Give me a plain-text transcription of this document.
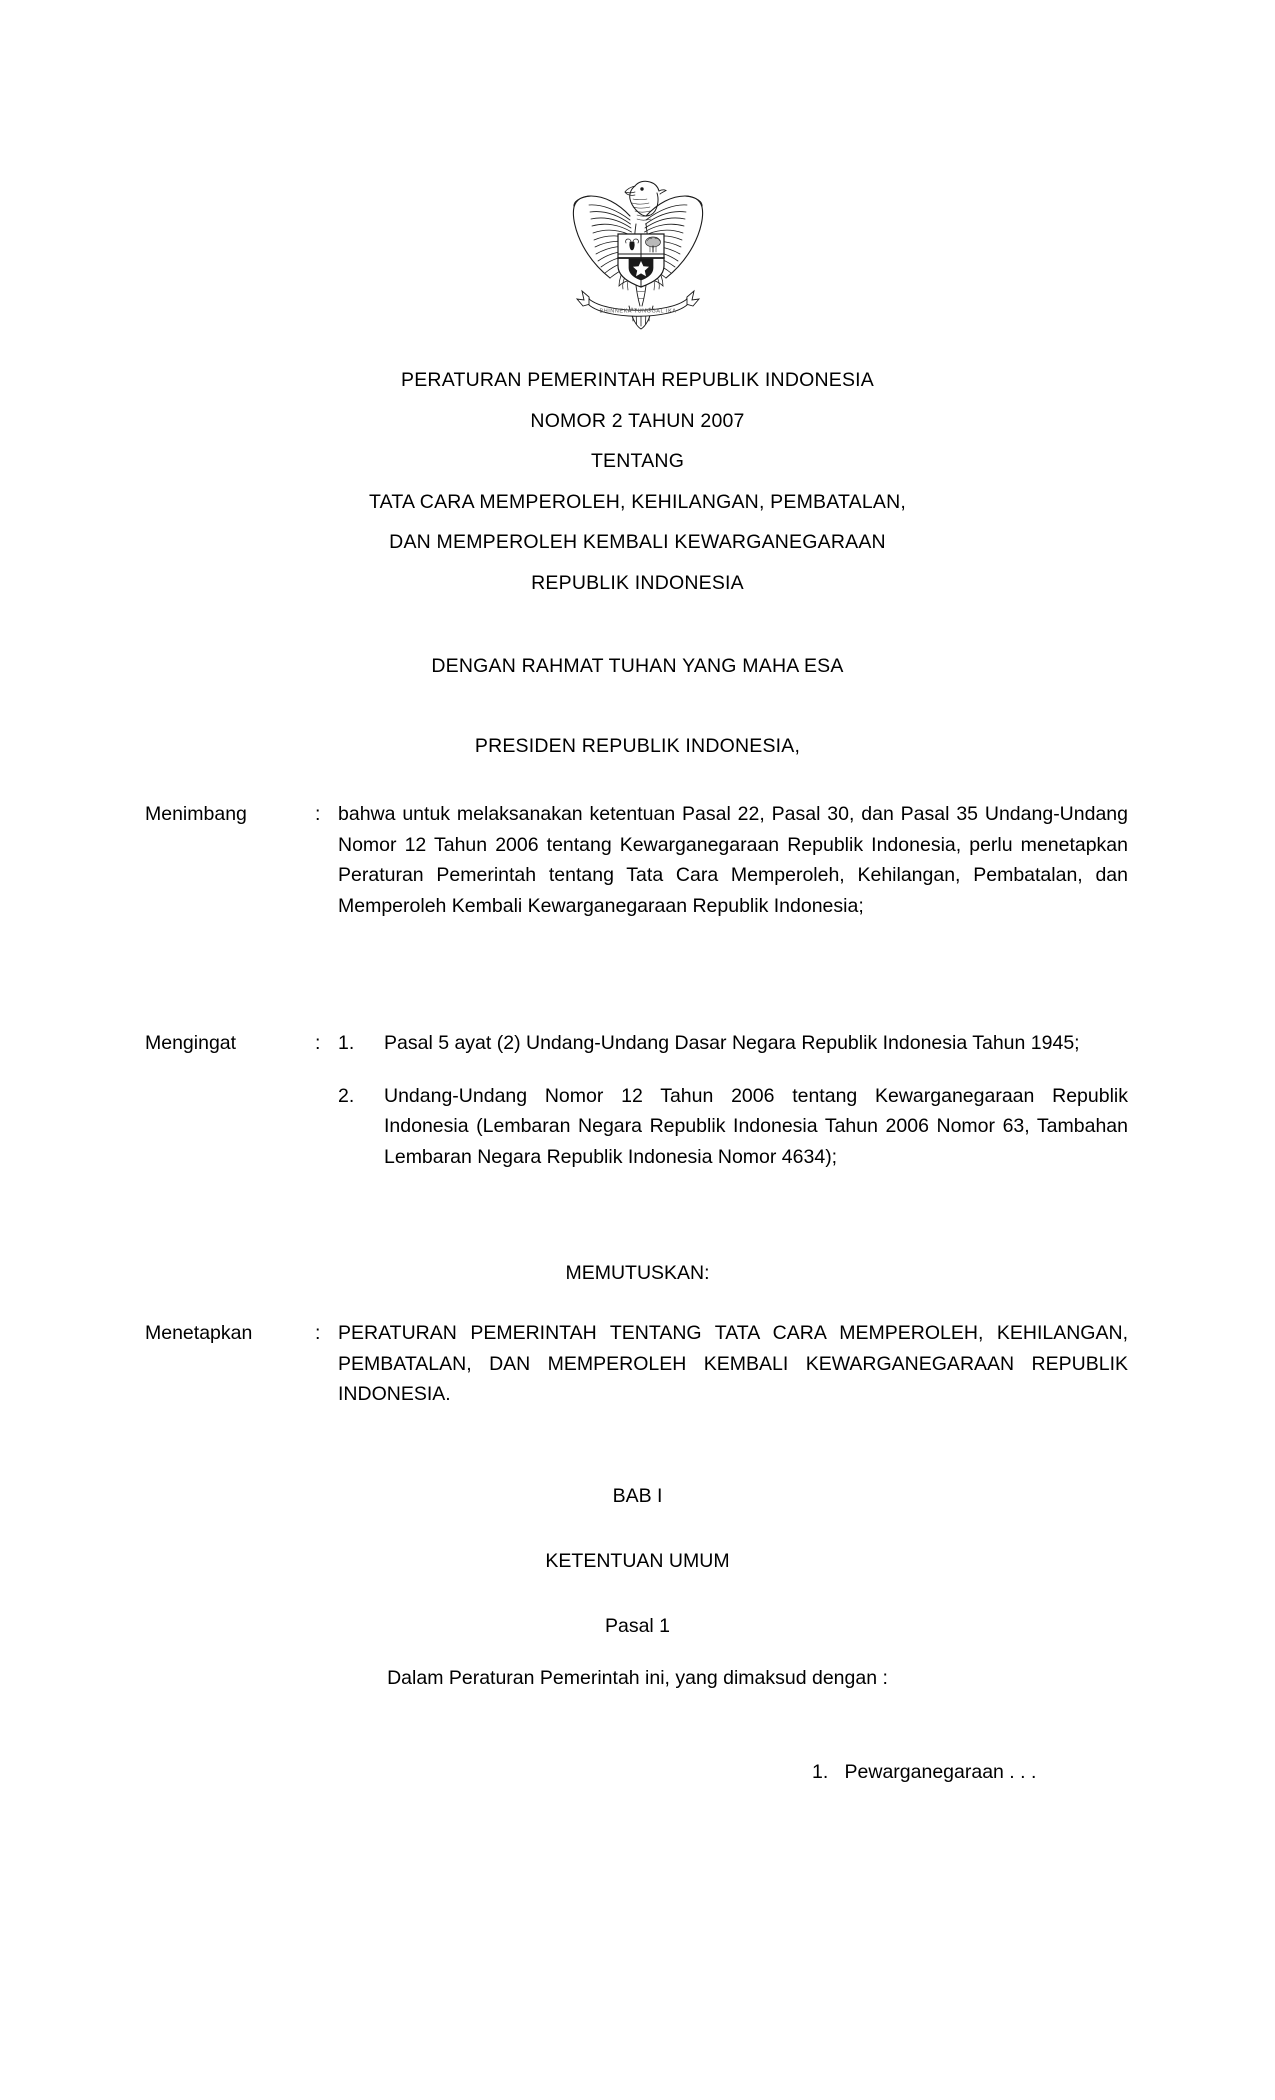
BHINNEKA TUNGGAL IKA
PERATURAN PEMERINTAH REPUBLIK INDONESIA
NOMOR 2 TAHUN 2007
TENTANG
TATA CARA MEMPEROLEH, KEHILANGAN, PEMBATALAN,
DAN MEMPEROLEH KEMBALI KEWARGANEGARAAN
REPUBLIK INDONESIA
DENGAN RAHMAT TUHAN YANG MAHA ESA
PRESIDEN REPUBLIK INDONESIA,
Menimbang	: bahwa untuk melaksanakan ketentuan Pasal 22, Pasal 30, dan Pasal 35 Undang-Undang Nomor 12 Tahun 2006 tentang Kewarganegaraan Republik Indonesia, perlu menetapkan Peraturan Pemerintah tentang Tata Cara Memperoleh, Kehilangan, Pembatalan, dan Memperoleh Kembali Kewarganegaraan Republik Indonesia;
Mengingat	: 1.	Pasal 5 ayat (2) Undang-Undang Dasar Negara Republik Indonesia Tahun 1945;
2.	Undang-Undang Nomor 12 Tahun 2006 tentang Kewarganegaraan Republik Indonesia (Lembaran Negara Republik Indonesia Tahun 2006 Nomor 63, Tambahan Lembaran Negara Republik Indonesia Nomor 4634);
MEMUTUSKAN:
Menetapkan	: PERATURAN PEMERINTAH TENTANG TATA CARA MEMPEROLEH, KEHILANGAN, PEMBATALAN, DAN MEMPEROLEH KEMBALI KEWARGANEGARAAN REPUBLIK INDONESIA.
BAB I
KETENTUAN UMUM
Pasal 1
Dalam Peraturan Pemerintah ini, yang dimaksud dengan :
1.   Pewarganegaraan . . .
